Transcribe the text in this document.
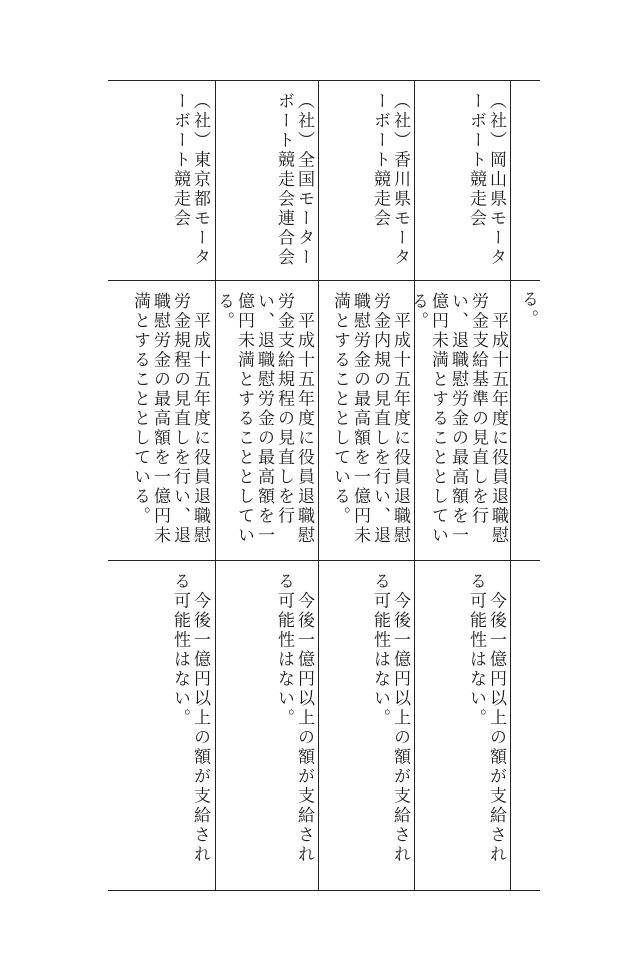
る。
（社）岡山県モーターボート競走会
　平成十五年度に役員退職慰労金支給基準の見直しを行い、退職慰労金の最高額を一億円未満とすることとしている。
　今後一億円以上の額が支給される可能性はない。
（社）香川県モーターボート競走会
　平成十五年度に役員退職慰労金内規の見直しを行い、退職慰労金の最高額を一億円未満とすることとしている。
　今後一億円以上の額が支給される可能性はない。
（社）全国モーターボート競走会連合会
　平成十五年度に役員退職慰労金支給規程の見直しを行い、退職慰労金の最高額を一億円未満とすることとしている。
　今後一億円以上の額が支給される可能性はない。
（社）東京都モーターボート競走会
　平成十五年度に役員退職慰労金規程の見直しを行い、退職慰労金の最高額を一億円未満とすることとしている。
　今後一億円以上の額が支給される可能性はない。
